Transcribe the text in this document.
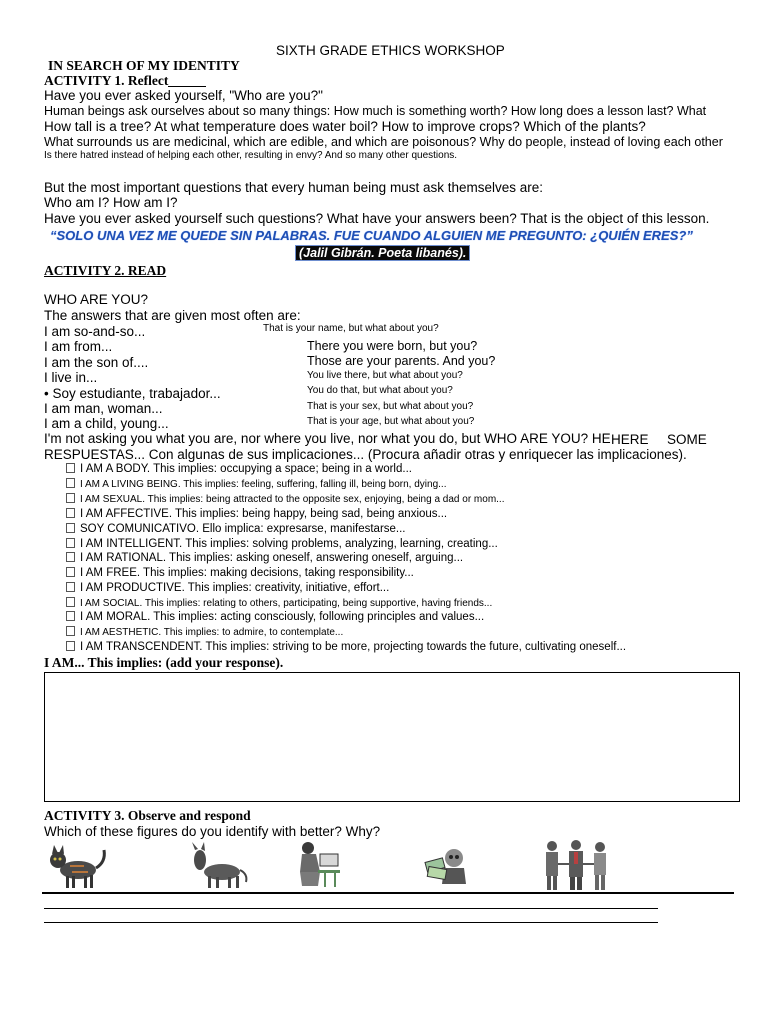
SIXTH GRADE ETHICS WORKSHOP
IN SEARCH OF MY IDENTITY
ACTIVITY 1. Reflect
Have you ever asked yourself, "Who are you?"
Human beings ask ourselves about so many things: How much is something worth? How long does a lesson last? What
How tall is a tree? At what temperature does water boil? How to improve crops? Which of the plants?
What surrounds us are medicinal, which are edible, and which are poisonous? Why do people, instead of loving each other
Is there hatred instead of helping each other, resulting in envy? And so many other questions.
But the most important questions that every human being must ask themselves are:
Who am I? How am I?
Have you ever asked yourself such questions? What have your answers been? That is the object of this lesson.
“SOLO UNA VEZ ME QUEDE SIN PALABRAS. FUE CUANDO ALGUIEN ME PREGUNTO: ¿QUIÉN ERES?”
(Jalil Gibrán. Poeta libanés).
ACTIVITY 2. READ
WHO ARE YOU?
The answers that are given most often are:
I am so-and-so...	That is your name, but what about you?
I am from...	There you were born, but you?
I am the son of....	Those are your parents. And you?
I live in...	You live there, but what about you?
• Soy estudiante, trabajador...	You do that, but what about you?
I am man, woman...	That is your sex, but what about you?
I am a child, young...	That is your age, but what about you?
I'm not asking you what you are, nor where you live, nor what you do, but WHO ARE YOU? HE HERE SOME
RESPUESTAS... Con algunas de sus implicaciones... (Procura añadir otras y enriquecer las implicaciones).
I AM A BODY. This implies: occupying a space; being in a world...
I AM A LIVING BEING. This implies: feeling, suffering, falling ill, being born, dying...
I AM SEXUAL. This implies: being attracted to the opposite sex, enjoying, being a dad or mom...
I AM AFFECTIVE. This implies: being happy, being sad, being anxious...
SOY COMUNICATIVO. Ello implica: expresarse, manifestarse...
I AM INTELLIGENT. This implies: solving problems, analyzing, learning, creating...
I AM RATIONAL. This implies: asking oneself, answering oneself, arguing...
I AM FREE. This implies: making decisions, taking responsibility...
I AM PRODUCTIVE. This implies: creativity, initiative, effort...
I AM SOCIAL. This implies: relating to others, participating, being supportive, having friends...
I AM MORAL. This implies: acting consciously, following principles and values...
I AM AESTHETIC. This implies: to admire, to contemplate...
I AM TRANSCENDENT. This implies: striving to be more, projecting towards the future, cultivating oneself...
I AM... This implies: (add your response).
ACTIVITY 3. Observe and respond
Which of these figures do you identify with better? Why?
